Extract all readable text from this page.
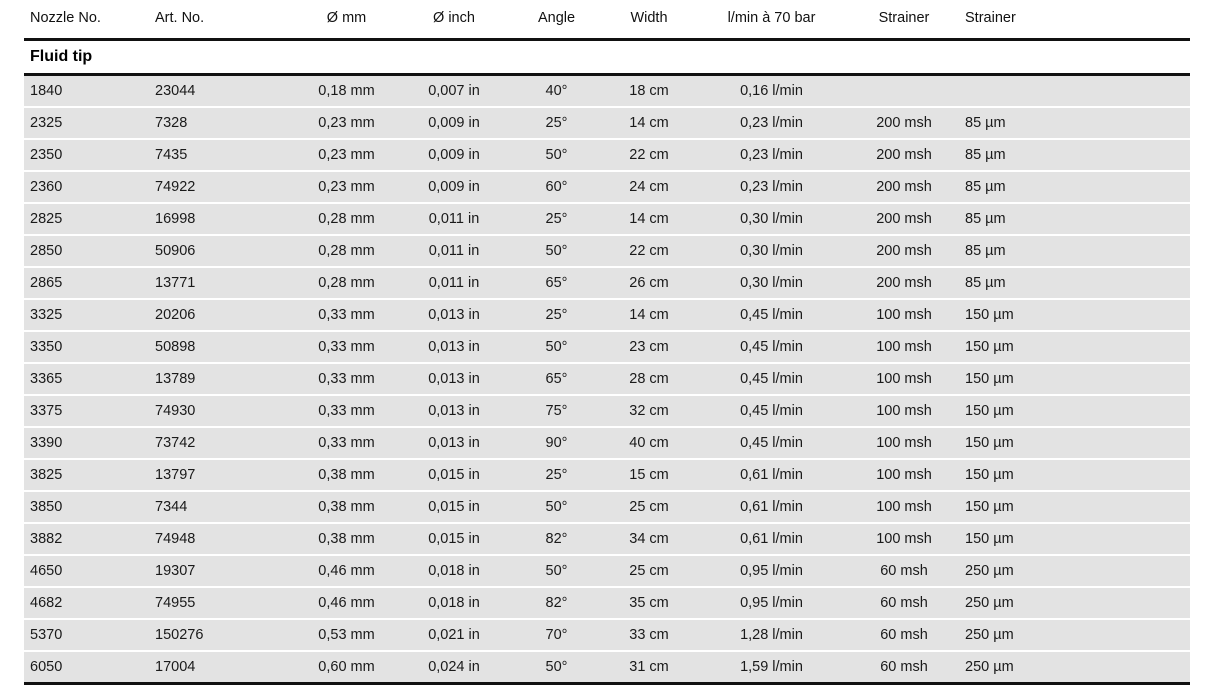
Nozzle No.	Art. No.	Ø mm	Ø inch	Angle	Width	l/min à 70 bar	Strainer	Strainer	
Fluid tip									
1840	23044	0,18 mm	0,007 in	40°	18 cm	0,16 l/min			
2325	7328	0,23 mm	0,009 in	25°	14 cm	0,23 l/min	200 msh	85 µm	
2350	7435	0,23 mm	0,009 in	50°	22 cm	0,23 l/min	200 msh	85 µm	
2360	74922	0,23 mm	0,009 in	60°	24 cm	0,23 l/min	200 msh	85 µm	
2825	16998	0,28 mm	0,011 in	25°	14 cm	0,30 l/min	200 msh	85 µm	
2850	50906	0,28 mm	0,011 in	50°	22 cm	0,30 l/min	200 msh	85 µm	
2865	13771	0,28 mm	0,011 in	65°	26 cm	0,30 l/min	200 msh	85 µm	
3325	20206	0,33 mm	0,013 in	25°	14 cm	0,45 l/min	100 msh	150 µm	
3350	50898	0,33 mm	0,013 in	50°	23 cm	0,45 l/min	100 msh	150 µm	
3365	13789	0,33 mm	0,013 in	65°	28 cm	0,45 l/min	100 msh	150 µm	
3375	74930	0,33 mm	0,013 in	75°	32 cm	0,45 l/min	100 msh	150 µm	
3390	73742	0,33 mm	0,013 in	90°	40 cm	0,45 l/min	100 msh	150 µm	
3825	13797	0,38 mm	0,015 in	25°	15 cm	0,61 l/min	100 msh	150 µm	
3850	7344	0,38 mm	0,015 in	50°	25 cm	0,61 l/min	100 msh	150 µm	
3882	74948	0,38 mm	0,015 in	82°	34 cm	0,61 l/min	100 msh	150 µm	
4650	19307	0,46 mm	0,018 in	50°	25 cm	0,95 l/min	60 msh	250 µm	
4682	74955	0,46 mm	0,018 in	82°	35 cm	0,95 l/min	60 msh	250 µm	
5370	150276	0,53 mm	0,021 in	70°	33 cm	1,28 l/min	60 msh	250 µm	
6050	17004	0,60 mm	0,024 in	50°	31 cm	1,59 l/min	60 msh	250 µm	
